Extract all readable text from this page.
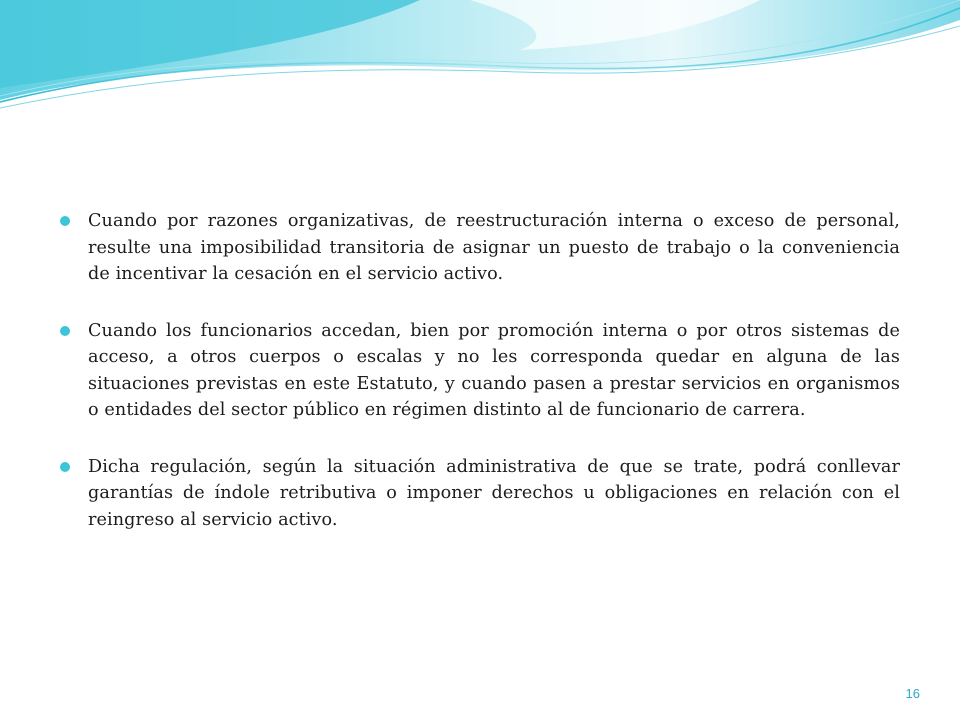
Cuando por razones organizativas, de reestructuración interna o exceso de personal, resulte una imposibilidad transitoria de asignar un puesto de trabajo o la conveniencia de incentivar la cesación en el servicio activo.
Cuando los funcionarios accedan, bien por promoción interna o por otros sistemas de acceso, a otros cuerpos o escalas y no les corresponda quedar en alguna de las situaciones previstas en este Estatuto, y cuando pasen a prestar servicios en organismos o entidades del sector público en régimen distinto al de funcionario de carrera.
Dicha regulación, según la situación administrativa de que se trate, podrá conllevar garantías de índole retributiva o imponer derechos u obligaciones en relación con el reingreso al servicio activo.
16
